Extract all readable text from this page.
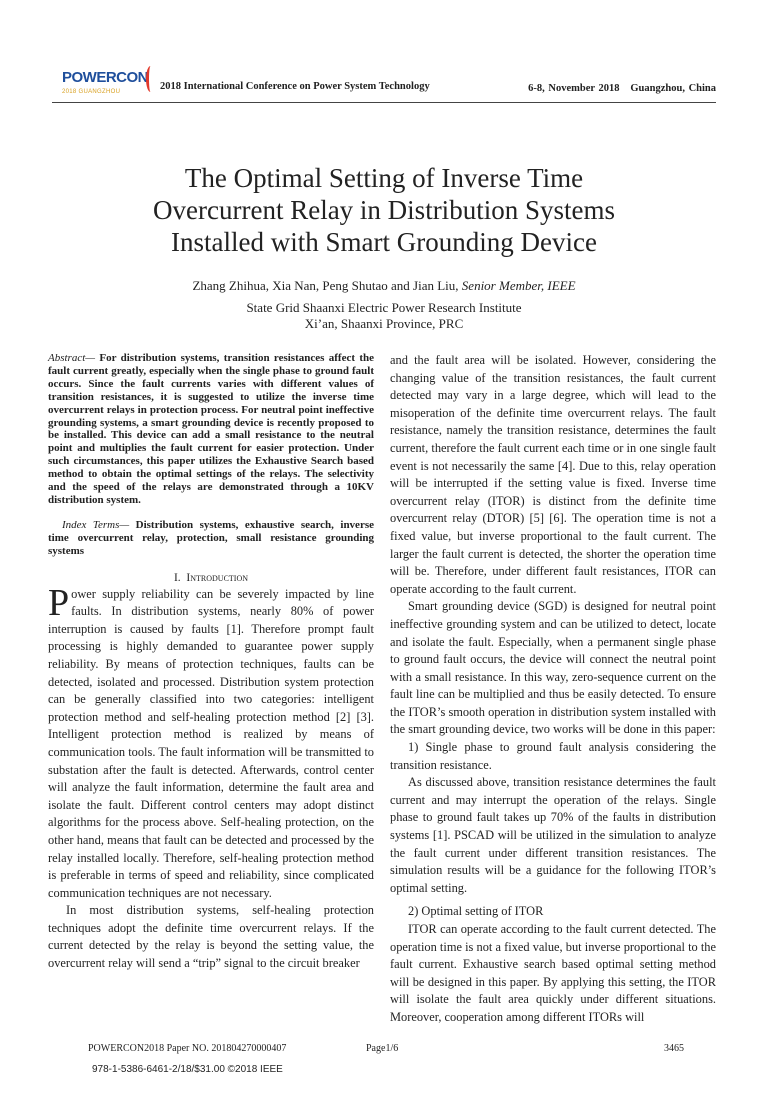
POWERCON
2018 GUANGZHOU	2018 International Conference on Power System Technology	6-8, November 2018   Guangzhou, China
The Optimal Setting of Inverse Time Overcurrent Relay in Distribution Systems Installed with Smart Grounding Device
Zhang Zhihua, Xia Nan, Peng Shutao and Jian Liu, Senior Member, IEEE
State Grid Shaanxi Electric Power Research Institute
Xi’an, Shaanxi Province, PRC
Abstract— For distribution systems, transition resistances affect the fault current greatly, especially when the single phase to ground fault occurs. Since the fault currents varies with different values of transition resistances, it is suggested to utilize the inverse time overcurrent relays in protection process. For neutral point ineffective grounding systems, a smart grounding device is recently proposed to be installed. This device can add a small resistance to the neutral point and multiplies the fault current for easier protection. Under such circumstances, this paper utilizes the Exhaustive Search based method to obtain the optimal settings of the relays. The selectivity and the speed of the relays are demonstrated through a 10KV distribution system.
Index Terms— Distribution systems, exhaustive search, inverse time overcurrent relay, protection, small resistance grounding systems
I.  Introduction

Power supply reliability can be severely impacted by line faults. In distribution systems, nearly 80% of power interruption is caused by faults [1]. Therefore prompt fault processing is highly demanded to guarantee power supply reliability. By means of protection techniques, faults can be detected, isolated and processed. Distribution system protection can be generally classified into two categories: intelligent protection method and self-healing protection method [2] [3]. Intelligent protection method is realized by means of communication tools. The fault information will be transmitted to substation after the fault is detected. Afterwards, control center will analyze the fault information, determine the fault area and isolate the fault. Different control centers may adopt distinct algorithms for the process above. Self-healing protection, on the other hand, means that fault can be detected and processed by the relay installed locally. Therefore, self-healing protection method is preferable in terms of speed and reliability, since complicated communication techniques are not necessary.

In most distribution systems, self-healing protection techniques adopt the definite time overcurrent relays. If the current detected by the relay is beyond the setting value, the overcurrent relay will send a “trip” signal to the circuit breaker

and the fault area will be isolated. However, considering the changing value of the transition resistances, the fault current detected may vary in a large degree, which will lead to the misoperation of the definite time overcurrent relays. The fault resistance, namely the transition resistance, determines the fault current, therefore the fault current each time or in one single fault event is not necessarily the same [4]. Due to this, relay operation will be interrupted if the setting value is fixed. Inverse time overcurrent relay (ITOR) is distinct from the definite time overcurrent relay (DTOR) [5] [6]. The operation time is not a fixed value, but inverse proportional to the fault current. The larger the fault current is detected, the shorter the operation time will be. Therefore, under different fault resistances, ITOR can operate according to the fault current.

Smart grounding device (SGD) is designed for neutral point ineffective grounding system and can be utilized to detect, locate and isolate the fault. Especially, when a permanent single phase to ground fault occurs, the device will connect the neutral point with a small resistance. In this way, zero-sequence current on the fault line can be multiplied and thus be easily detected. To ensure the ITOR’s smooth operation in distribution system installed with the smart grounding device, two works will be done in this paper:

1) Single phase to ground fault analysis considering the transition resistance.

As discussed above, transition resistance determines the fault current and may interrupt the operation of the relays. Single phase to ground fault takes up 70% of the faults in distribution systems [1]. PSCAD will be utilized in the simulation to analyze the fault current under different transition resistances. The simulation results will be a guidance for the following ITOR’s optimal setting.

2) Optimal setting of ITOR

ITOR can operate according to the fault current detected. The operation time is not a fixed value, but inverse proportional to the fault current. Exhaustive search based optimal setting method will be designed in this paper. By applying this setting, the ITOR will isolate the fault area quickly under different situations. Moreover, cooperation among different ITORs will

POWERCON2018 Paper NO. 201804270000407	Page1/6	3465
978-1-5386-6461-2/18/$31.00 ©2018 IEEE
